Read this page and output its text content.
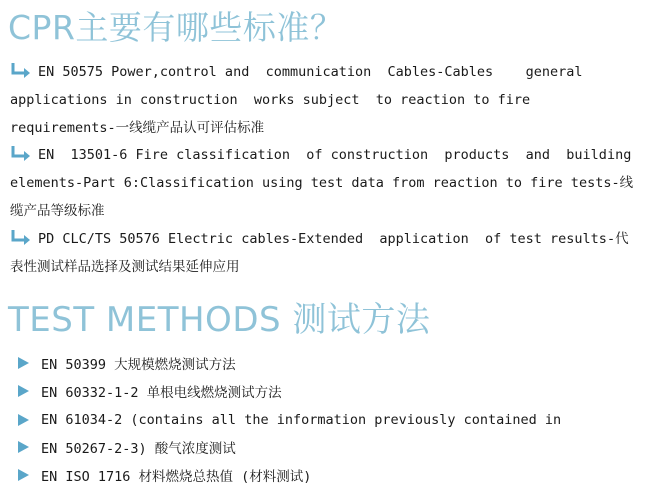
CPR主要有哪些标准？
EN 50575 Power,control and  communication  Cables-Cables    general applications in construction  works subject  to reaction to fire requirements-一线缆产品认可评估标准
EN  13501-6 Fire classification  of construction  products  and  building elements-Part 6:Classification using test data from reaction to fire tests-线缆产品等级标准
PD CLC/TS 50576 Electric cables-Extended  application  of test results-代表性测试样品选择及测试结果延伸应用
TEST METHODS 测试方法
EN 50399 大规模燃烧测试方法
EN 60332-1-2 单根电线燃烧测试方法
EN 61034-2 (contains all the information previously contained in
EN 50267-2-3) 酸气浓度测试
EN ISO 1716 材料燃烧总热值 (材料测试)
